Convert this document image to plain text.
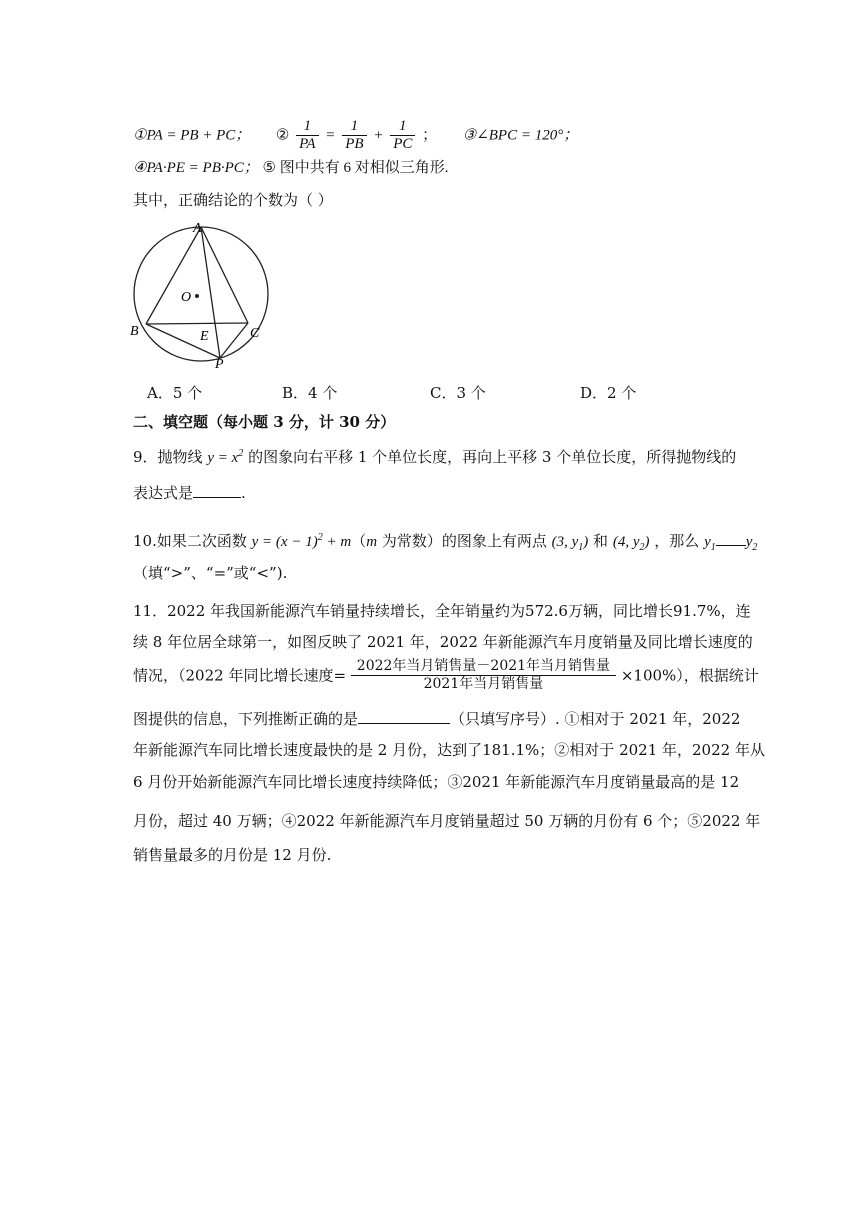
①PA = PB + PC； ② $\frac{1}{PA} = \frac{1}{PB} + \frac{1}{PC}$ ； ③∠BPC = 120°；
④PA·PE = PB·PC； ⑤ 图中共有 6 对相似三角形.
其中，正确结论的个数为（ ）
A
B	C
O
E
P
A．5 个	B．4 个	C．3 个	D．2 个
二、填空题（每小题 3 分，计 30 分）
9．抛物线 $y = x^2$ 的图象向右平移 1 个单位长度，再向上平移 3 个单位长度，所得抛物线的
表达式是	.
10.如果二次函数 $y = (x - 1)^2 + m(m$ 为常数）的图象上有两点 (3, $y_1$) 和 (4, $y_2$) ，那么 $y_1$ $y_2$
（填“>”、“=”或“<”).
11．2022 年我国新能源汽车销量持续增长，全年销量约为572.6万辆，同比增长91.7%，连
续 8 年位居全球第一，如图反映了 2021 年，2022 年新能源汽车月度销量及同比增长速度的
情况，（2022 年同比增长速度= $\frac{\text{2022年当月销售量－2021年当月销售量}}{\text{2021年当月销售量}} \times 100\%$），根据统计
图提供的信息，下列推断正确的是	（只填写序号）. ①相对于 2021 年，2022
年新能源汽车同比增长速度最快的是 2 月份，达到了181.1%；②相对于 2021 年，2022 年从
6 月份开始新能源汽车同比增长速度持续降低；③2021 年新能源汽车月度销量最高的是 12
月份，超过 40 万辆；④2022 年新能源汽车月度销量超过 50 万辆的月份有 6 个；⑤2022 年
销售量最多的月份是 12 月份.
